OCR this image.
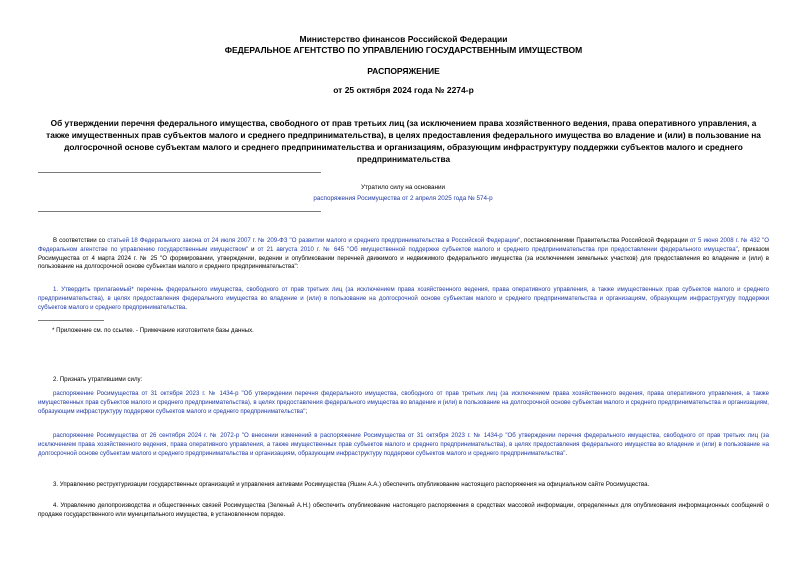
Министерство финансов Российской Федерации
ФЕДЕРАЛЬНОЕ АГЕНТСТВО ПО УПРАВЛЕНИЮ ГОСУДАРСТВЕННЫМ ИМУЩЕСТВОМ
РАСПОРЯЖЕНИЕ
от 25 октября 2024 года № 2274-р
Об утверждении перечня федерального имущества, свободного от прав третьих лиц (за исключением права хозяйственного ведения, права оперативного управления, а также имущественных прав субъектов малого и среднего предпринимательства), в целях предоставления федерального имущества во владение и (или) в пользование на долгосрочной основе субъектам малого и среднего предпринимательства и организациям, образующим инфраструктуру поддержки субъектов малого и среднего предпринимательства
Утратило силу на основании
распоряжения Росимущества от 2 апреля 2025 года № 574-р
В соответствии со статьей 18 Федерального закона от 24 июля 2007 г. № 209-ФЗ "О развитии малого и среднего предпринимательства в Российской Федерации", постановлениями Правительства Российской Федерации от 5 июня 2008 г. № 432 "О Федеральном агентстве по управлению государственным имуществом" и от 21 августа 2010 г. № 645 "Об имущественной поддержке субъектов малого и среднего предпринимательства при предоставлении федерального имущества", приказом Росимущества от 4 марта 2024 г. № 25 "О формировании, утверждении, ведении и опубликовании перечней движимого и недвижимого федерального имущества (за исключением земельных участков) для предоставления во владение и (или) в пользование на долгосрочной основе субъектам малого и среднего предпринимательства":
1. Утвердить прилагаемый* перечень федерального имущества, свободного от прав третьих лиц (за исключением права хозяйственного ведения, права оперативного управления, а также имущественных прав субъектов малого и среднего предпринимательства), в целях предоставления федерального имущества во владение и (или) в пользование на долгосрочной основе субъектам малого и среднего предпринимательства и организациям, образующим инфраструктуру поддержки субъектов малого и среднего предпринимательства.
* Приложение см. по ссылке. - Примечание изготовителя базы данных.
2. Признать утратившими силу:
распоряжение Росимущества от 31 октября 2023 г. № 1434-р "Об утверждении перечня федерального имущества, свободного от прав третьих лиц (за исключением права хозяйственного ведения, права оперативного управления, а также имущественных прав субъектов малого и среднего предпринимательства), в целях предоставления федерального имущества во владение и (или) в пользование на долгосрочной основе субъектам малого и среднего предпринимательства и организациям, образующим инфраструктуру поддержки субъектов малого и среднего предпринимательства";
распоряжение Росимущества от 26 сентября 2024 г. № 2072-р "О внесении изменений в распоряжение Росимущества от 31 октября 2023 г. № 1434-р "Об утверждении перечня федерального имущества, свободного от прав третьих лиц (за исключением права хозяйственного ведения, права оперативного управления, а также имущественных прав субъектов малого и среднего предпринимательства), в целях предоставления федерального имущества во владение и (или) в пользование на долгосрочной основе субъектам малого и среднего предпринимательства и организациям, образующим инфраструктуру поддержки субъектов малого и среднего предпринимательства".
3. Управлению реструктуризации государственных организаций и управления активами Росимущества (Яшин А.А.) обеспечить опубликование настоящего распоряжения на официальном сайте Росимущества.
4. Управлению делопроизводства и общественных связей Росимущества (Зеленый А.Н.) обеспечить опубликование настоящего распоряжения в средствах массовой информации, определенных для опубликования информационных сообщений о продаже государственного или муниципального имущества, в установленном порядке.
